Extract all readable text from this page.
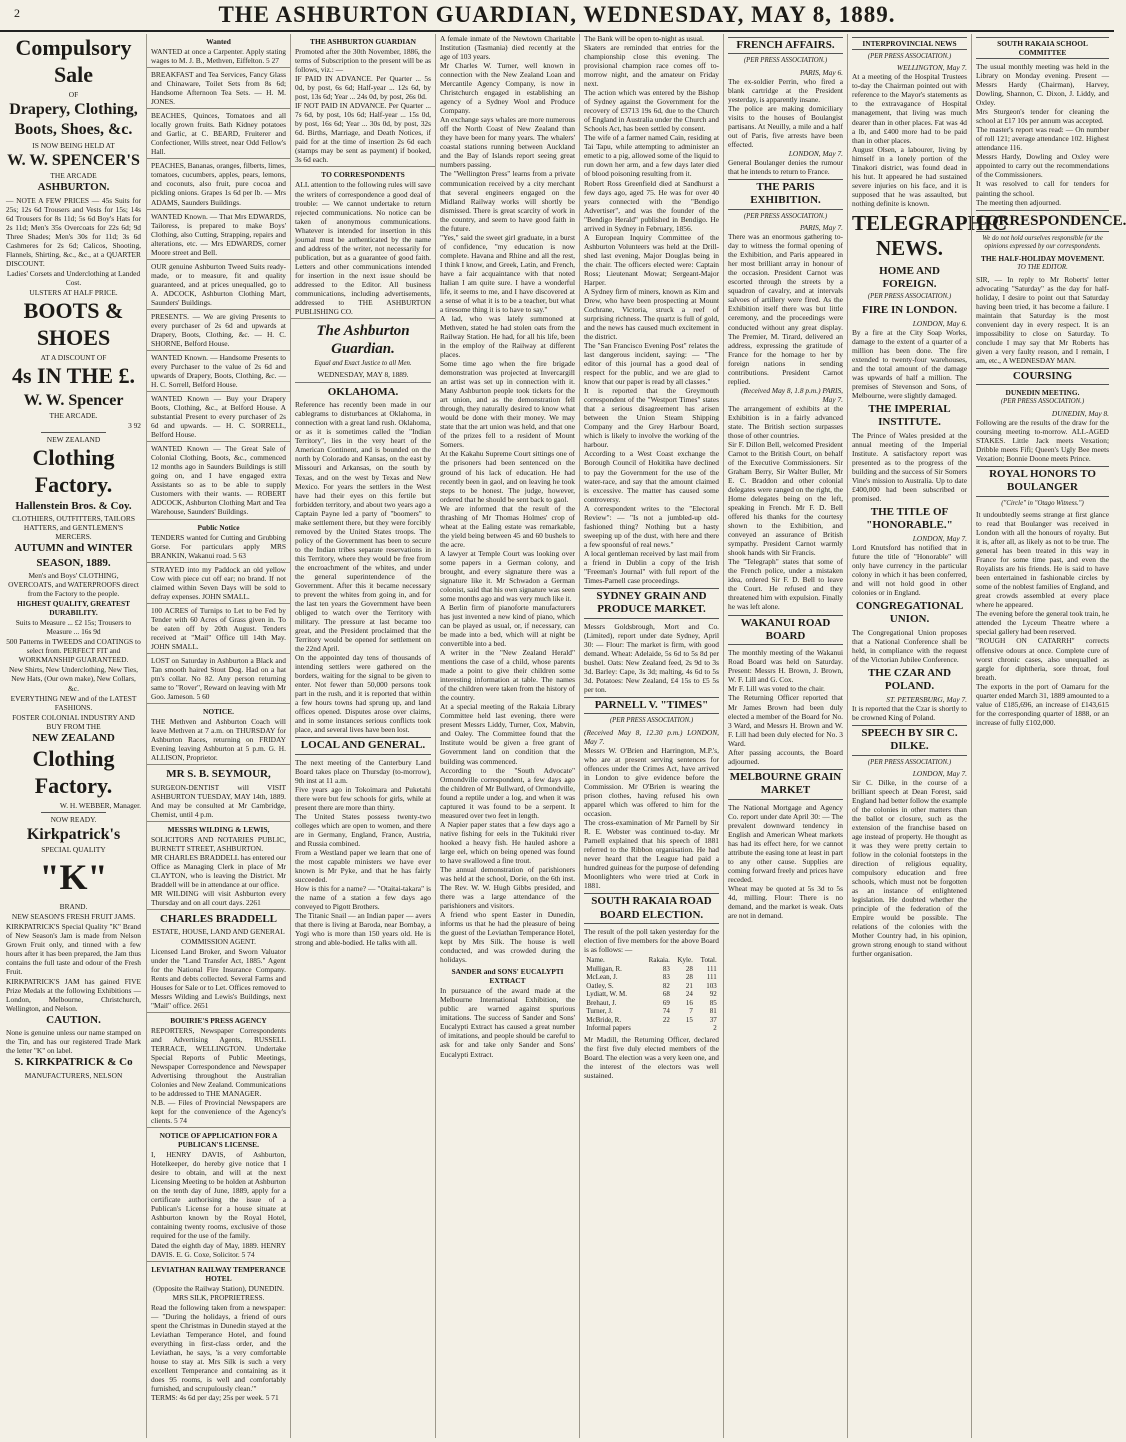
2	THE ASHBURTON GUARDIAN, WEDNESDAY, MAY 8, 1889.
Compulsory Sale
OF
Drapery, Clothing,
Boots, Shoes, &c.
IS NOW BEING HELD AT
W. W. SPENCER'S
THE ARCADE
ASHBURTON.

— NOTE A FEW PRICES — 45s Suits for 25s; 12s 6d Trousers and Vests for 15s; 14s 6d Trousers for 8s 11d; 5s 6d Boy's Hats for 2s 11d; Men's 35s Overcoats for 22s 6d; 9d Three Shades; Men's 30s for 11d; 3s 6d Cashmeres for 2s 6d; Calicos, Shooting, Flannels, Shirting, &c., &c., at a QUARTER DISCOUNT.

Ladies' Corsets and Underclothing at Landed Cost.
ULSTERS AT HALF PRICE.
BOOTS & SHOES
AT A DISCOUNT OF
4s IN THE £.
W. W. Spencer
THE ARCADE.
3 92
NEW ZEALAND
Clothing Factory.
Hallenstein Bros. & Coy.
CLOTHIERS, OUTFITTERS, TAILORS HATTERS, and GENTLEMEN'S MERCERS.
AUTUMN and WINTER
SEASON, 1889.
Men's and Boys' CLOTHING, OVERCOATS, and WATERPROOFS direct from the Factory to the people.
HIGHEST QUALITY, GREATEST DURABILITY.
Suits to Measure ... £2 15s; Trousers to Measure ... 16s 9d
500 Patterns in TWEEDS and COATINGS to select from. PERFECT FIT and WORKMANSHIP GUARANTEED.
New Shirts, New Underclothing, New Ties, New Hats, (Our own make), New Collars, &c.
EVERYTHING NEW and of the LATEST FASHIONS.
FOSTER COLONIAL INDUSTRY AND BUY FROM THE
NEW ZEALAND
Clothing Factory.
W. H. WEBBER, Manager.
NOW READY.
Kirkpatrick's
SPECIAL QUALITY
"K"
BRAND.
NEW SEASON'S FRESH FRUIT JAMS.

KIRKPATRICK'S Special Quality "K" Brand of New Season's Jam is made from Nelson Grown Fruit only, and tinned with a few hours after it has been prepared, the Jam thus contains the full taste and odour of the Fresh Fruit.

KIRKPATRICK'S JAM has gained FIVE Prize Medals at the following Exhibitions — London, Melbourne, Christchurch, Wellington, and Nelson.

CAUTION.

None is genuine unless our name stamped on the Tin, and has our registered Trade Mark the letter "K" on label.

S. KIRKPATRICK & Co
MANUFACTURERS, NELSON
Wanted

WANTED at once a Carpenter. Apply stating wages to M. J. B., Methven, Eiffelton. 5 27

BREAKFAST and Tea Services, Fancy Glass and Chinaware, Toilet Sets from 8s 6d; Handsome Afternoon Tea Sets. — H. M. JONES.

BEACHES, Quinces, Tomatoes and all locally grown fruits. Bath Kidney potatoes and Garlic, at C. BEARD, Fruiterer and Confectioner, Wills street, near Odd Fellow's Hall.

PEACHES, Bananas, oranges, filberts, limes, tomatoes, cucumbers, apples, pears, lemons, and coconuts, also fruit, pure cocoa and pickling onions. Grapes 1s 6d per lb. — Mrs ADAMS, Saunders Buildings.

WANTED Known. — That Mrs EDWARDS, Tailoress, is prepared to make Boys' Clothing, also Cutting, Strapping, repairs and alterations, etc. — Mrs EDWARDS, corner Moore street and Bell.

OUR genuine Ashburton Tweed Suits ready-made, or to measure, fit and quality guaranteed, and at prices unequalled, go to A. ADCOCK, Ashburton Clothing Mart, Saunders' Buildings.

PRESENTS. — We are giving Presents to every purchaser of 2s 6d and upwards at Drapery, Boots, Clothing, &c. — H. C. SHORNE, Belford House.

WANTED Known. — Handsome Presents to every Purchaser to the value of 2s 6d and upwards of Drapery, Boots, Clothing, &c. — H. C. Sorrell, Belford House.

WANTED Known — Buy your Drapery Boots, Clothing, &c., at Belford House. A substantial Present to every purchaser of 2s 6d and upwards. — H. C. SORRELL, Belford House.

WANTED Known — The Great Sale of Colonial Clothing, Boots, &c., commenced 12 months ago in Saunders Buildings is still going on, and I have engaged extra Assistants so as to be able to supply Customers with their wants. — ROBERT ADCOCK, Ashburton Clothing Mart and Tea Warehouse, Saunders' Buildings.

Public Notice

TENDERS wanted for Cutting and Grubbing Gorse. For particulars apply MRS BRANKIN, Wakanui road. 5 63

STRAYED into my Paddock an old yellow Cow with piece cut off ear; no brand. If not claimed within Seven Days will be sold to defray expenses. JOHN SMALL.

100 ACRES of Turnips to Let to be Fed by Tender with 60 Acres of Grass given in. To be eaten off by 20th August. Tenders received at "Mail" Office till 14th May. JOHN SMALL.

LOST on Saturday in Ashburton a Black and Tan smooth haired Stout Dog. Had on a hat ptn's collar. No 82. Any person returning same to "Rover", Reward on leaving with Mr Goo. Jameson. 5 60

NOTICE.

THE Methven and Ashburton Coach will leave Methven at 7 a.m. on THURSDAY for Ashburton Races, returning on FRIDAY Evening leaving Ashburton at 5 p.m. G. H. ALLISON, Proprietor.

MR S. B. SEYMOUR,

SURGEON-DENTIST will VISIT ASHBURTON TUESDAY, MAY 14th, 1889. And may be consulted at Mr Cambridge, Chemist, until 4 p.m.

MESSRS WILDING & LEWIS,

SOLICITORS AND NOTARIES PUBLIC, BURNETT STREET, ASHBURTON.

MR CHARLES BRADDELL has entered our Office as Managing Clerk in place of Mr CLAYTON, who is leaving the District. Mr Braddell will be in attendance at our office.

MR WILDING will visit Ashburton every Thursday and on all court days. 2261

CHARLES BRADDELL
ESTATE, HOUSE, LAND AND GENERAL COMMISSION AGENT.

Licensed Land Broker, and Sworn Valuator under the "Land Transfer Act, 1885." Agent for the National Fire Insurance Company. Rents and debts collected. Several Farms and Houses for Sale or to Let. Offices removed to Messrs Wilding and Lewis's Buildings, next "Mail" office. 2651

BOUIRIE'S PRESS AGENCY

REPORTERS, Newspaper Correspondents and Advertising Agents, RUSSELL TERRACE, WELLINGTON. Undertake Special Reports of Public Meetings, Newspaper Correspondence and Newspaper Advertising throughout the Australian Colonies and New Zealand. Communications to be addressed to THE MANAGER.

N.B. — Files of Provincial Newspapers are kept for the convenience of the Agency's clients. 5 74

NOTICE OF APPLICATION FOR A PUBLICAN'S LICENSE.

I, HENRY DAVIS, of Ashburton, Hotelkeeper, do hereby give notice that I desire to obtain, and will at the next Licensing Meeting to be holden at Ashburton on the tenth day of June, 1889, apply for a certificate authorising the issue of a Publican's License for a house situate at Ashburton known by the Royal Hotel, containing twenty rooms, exclusive of those required for the use of the family.

Dated the eighth day of May, 1889. HENRY DAVIS. E. G. Coxe, Solicitor. 5 74

LEVIATHAN RAILWAY TEMPERANCE HOTEL
(Opposite the Railway Station), DUNEDIN. MRS SILK, PROPRIETRESS.

Read the following taken from a newspaper: — "During the holidays, a friend of ours spent the Christmas in Dunedin stayed at the Leviathan Temperance Hotel, and found everything in first-class order, and the Leviathan, he says, 'is a very comfortable house to stay at. Mrs Silk is such a very excellent Temperance and containing as it does 95 rooms, is well and comfortably furnished, and scrupulously clean.'"

TERMS: 4s 6d per day; 25s per week. 5 71

THE ASHBURTON GUARDIAN

Promoted after the 30th November, 1886, the terms of Subscription to the present will be as follows, viz.: —

IF PAID IN ADVANCE. Per Quarter ... 5s 0d, by post, 6s 6d; Half-year ... 12s 6d, by post, 13s 6d; Year ... 24s 0d, by post, 26s 0d.

IF NOT PAID IN ADVANCE. Per Quarter ... 7s 6d, by post, 10s 6d; Half-year ... 15s 0d, by post, 16s 6d; Year ... 30s 0d, by post, 32s 6d. Births, Marriage, and Death Notices, if paid for at the time of insertion 2s 6d each (stamps may be sent as payment) if booked, 3s 6d each.

TO CORRESPONDENTS

ALL attention to the following rules will save the writers of correspondence a good deal of trouble: — We cannot undertake to return rejected communications. No notice can be taken of anonymous communications. Whatever is intended for insertion in this journal must be authenticated by the name and address of the writer, not necessarily for publication, but as a guarantee of good faith. Letters and other communications intended for insertion in the next issue should be addressed to the Editor. All business communications, including advertisements, addressed to THE ASHBURTON PUBLISHING CO.

The Ashburton Guardian.
Equal and Exact Justice to all Men.
WEDNESDAY, MAY 8, 1889.
OKLAHOMA.

Reference has recently been made in our cablegrams to disturbances at Oklahoma, in connection with a great land rush. Oklahoma, or as it is sometimes called the "Indian Territory", lies in the very heart of the American Continent, and is bounded on the north by Colorado and Kansas, on the east by Missouri and Arkansas, on the south by Texas, and on the west by Texas and New Mexico. For years the settlers in the West have had their eyes on this fertile but forbidden territory, and about two years ago a Captain Payne led a party of "boomers" to make settlement there, but they were forcibly removed by the United States troops. The policy of the Government has been to secure to the Indian tribes separate reservations in this Territory, where they would be free from the encroachment of the whites, and under the general superintendence of the Government. After this it became necessary to prevent the whites from going in, and for the last ten years the Government have been obliged to watch over the Territory with military. The pressure at last became too great, and the President proclaimed that the Territory would be opened for settlement on the 22nd April.

On the appointed day tens of thousands of intending settlers were gathered on the borders, waiting for the signal to be given to enter. Not fewer than 50,000 persons took part in the rush, and it is reported that within a few hours towns had sprung up, and land offices opened. Disputes arose over claims, and in some instances serious conflicts took place, and several lives have been lost.

LOCAL AND GENERAL.

The next meeting of the Canterbury Land Board takes place on Thursday (to-morrow), 9th inst at 11 a.m.

Five years ago in Tokoimara and Puketahi there were but few schools for girls, while at present there are more than thirty.

The United States possess twenty-two colleges which are open to women, and there are in Germany, England, France, Austria, and Russia combined.

From a Westland paper we learn that one of the most capable ministers we have ever known is Mr Pyke, and that he has fairly succeeded.

How is this for a name? — "Otaitai-takara" is the name of a station a few days ago conveyed to Pigott Brothers.

The Titanic Snail — an Indian paper — avers that there is living at Baroda, near Bombay, a Yogi who is more than 150 years old. He is strong and able-bodied. He talks with all.

A female inmate of the Newtown Charitable Institution (Tasmania) died recently at the age of 103 years.

Mr Charles W. Turner, well known in connection with the New Zealand Loan and Mercantile Agency Company, is now in Christchurch engaged in establishing an agency of a Sydney Wool and Produce Company.

An exchange says whales are more numerous off the North Coast of New Zealand than they have been for many years. The whalers' coastal stations running between Auckland and the Bay of Islands report seeing great numbers passing.

The "Wellington Press" learns from a private communication received by a city merchant that several engineers engaged on the Midland Railway works will shortly be dismissed. There is great scarcity of work in the country, and seem to have good faith in the future.

"Yes," said the sweet girl graduate, in a burst of confidence, "my education is now complete. Havana and Rhine and all the rest, I think I know, and Greek, Latin, and French, have a fair acquaintance with that noted Italian I am quite sure. I have a wonderful life, it seems to me, and I have discovered at a sense of what it is to be a teacher, but what a tiresome thing it is to have to say."

A lad, who was lately summoned at Methven, stated he had stolen oats from the Railway Station. He had, for all his life, been in the employ of the Railway at different places.

Some time ago when the fire brigade demonstration was projected at Invercargill an artist was set up in connection with it. Many Ashburton people took tickets for the art union, and as the demonstration fell through, they naturally desired to know what would be done with their money. We may state that the art union was held, and that one of the prizes fell to a resident of Mount Somers.

At the Kakahu Supreme Court sittings one of the prisoners had been sentenced on the ground of his lack of education. He had recently been in gaol, and on leaving he took steps to be honest. The judge, however, ordered that he should be sent back to gaol.

We are informed that the result of the thrashing of Mr Thomas Holmes' crop of wheat at the Ealing estate was remarkable, the yield being between 45 and 60 bushels to the acre.

A lawyer at Temple Court was looking over some papers in a German colony, and brought, and every signature there was a signature like it. Mr Schwadon a German colonist, said that his own signature was seen some months ago and was very much like it.

A Berlin firm of pianoforte manufacturers has just invented a new kind of piano, which can be played as usual, or, if necessary, can be made into a bed, which will at night be convertible into a bed.

A writer in the "New Zealand Herald" mentions the case of a child, whose parents made a point to give their children some interesting information at table. The names of the children were taken from the history of the country.

At a special meeting of the Rakaia Library Committee held last evening, there were present Messrs Liddy, Turner, Cox, Mabvin, and Oaley. The Committee found that the Institute would be given a free grant of Government land on condition that the building was commenced.

According to the "South Advocate" Ormondville correspondent, a few days ago the children of Mr Bullward, of Ormondville, found a reptile under a log, and when it was captured it was found to be a serpent. It measured over two feet in length.

A Napier paper states that a few days ago a native fishing for eels in the Tukituki river hooked a heavy fish. He hauled ashore a large eel, which on being opened was found to have swallowed a fine trout.

The annual demonstration of parishioners was held at the school, Dorie, on the 6th inst. The Rev. W. W. Hugh Gibbs presided, and there was a large attendance of the parishioners and visitors.

A friend who spent Easter in Dunedin, informs us that he had the pleasure of being the guest of the Leviathan Temperance Hotel, kept by Mrs Silk. The house is well conducted, and was crowded during the holidays.

SANDER and SONS' EUCALYPTI EXTRACT

In pursuance of the award made at the Melbourne International Exhibition, the public are warned against spurious imitations. The success of Sander and Sons' Eucalypti Extract has caused a great number of imitations, and people should be careful to ask for and take only Sander and Sons' Eucalypti Extract.

The Bank will be open to-night as usual.

Skaters are reminded that entries for the championship close this evening. The provisional champion race comes off to-morrow night, and the amateur on Friday next.

The action which was entered by the Bishop of Sydney against the Government for the recovery of £3713 19s 6d, due to the Church of England in Australia under the Church and Schools Act, has been settled by consent.

The wife of a farmer named Cain, residing at Tai Tapu, while attempting to administer an emetic to a pig, allowed some of the liquid to run down her arm, and a few days later died of blood poisoning resulting from it.

Robert Ross Greenfield died at Sandhurst a few days ago, aged 75. He was for over 40 years connected with the "Bendigo Advertiser", and was the founder of the "Bendigo Herald" published in Bendigo. He arrived in Sydney in February, 1856.

A European Inquiry Committee of the Ashburton Volunteers was held at the Drill-shed last evening, Major Douglas being in the chair. The officers elected were: Captain Ross; Lieutenant Mowat; Sergeant-Major Harper.

A Sydney firm of miners, known as Kim and Drew, who have been prospecting at Mount Cochrane, Victoria, struck a reef of surprising richness. The quartz is full of gold, and the news has caused much excitement in the district.

The "San Francisco Evening Post" relates the last dangerous incident, saying: — "The editor of this journal has a good deal of respect for the public, and we are glad to know that our paper is read by all classes."

It is reported that the Greymouth correspondent of the "Westport Times" states that a serious disagreement has arisen between the Union Steam Shipping Company and the Grey Harbour Board, which is likely to involve the working of the harbour.

According to a West Coast exchange the Borough Council of Hokitika have declined to pay the Government for the use of the water-race, and say that the amount claimed is excessive. The matter has caused some controversy.

A correspondent writes to the "Electoral Review": — "Is not a jumbled-up old-fashioned thing? Nothing but a hasty sweeping up of the dust, with here and there a few spoonsful of real news."

A local gentleman received by last mail from a friend in Dublin a copy of the Irish "Freeman's Journal" with full report of the Times-Parnell case proceedings.

SYDNEY GRAIN AND PRODUCE MARKET.

Messrs Goldsbrough, Mort and Co. (Limited), report under date Sydney, April 30: — Flour: The market is firm, with good demand. Wheat: Adelaide, 5s 6d to 5s 8d per bushel. Oats: New Zealand feed, 2s 9d to 3s 3d. Barley: Cape, 3s 3d; malting, 4s 6d to 5s 3d. Potatoes: New Zealand, £4 15s to £5 5s per ton.

PARNELL V. "TIMES"
(PER PRESS ASSOCIATION.)

(Received May 8, 12.30 p.m.) LONDON, May 7.

Messrs W. O'Brien and Harrington, M.P.'s, who are at present serving sentences for offences under the Crimes Act, have arrived in London to give evidence before the Commission. Mr O'Brien is wearing the prison clothes, having refused his own apparel which was offered to him for the occasion.

The cross-examination of Mr Parnell by Sir R. E. Webster was continued to-day. Mr Parnell explained that his speech of 1881 referred to the Ribbon organisation. He had never heard that the League had paid a hundred guineas for the purpose of defending Moonlighters who were tried at Cork in 1881.

SOUTH RAKAIA ROAD BOARD ELECTION.

The result of the poll taken yesterday for the election of five members for the above Board is as follows: —

Name.	Rakaia.	Kyle.	Total.
Mulligan, R.	83	28	111
McLean, J.	83	28	111
Oatley, S.	82	21	103
Lydiatt, W. M.	68	24	92
Brehaut, J.	69	16	85
Turner, J.	74	7	81
McBride, R.	22	15	37
Informal papers			2

Mr Madill, the Returning Officer, declared the first five duly elected members of the Board. The election was a very keen one, and the interest of the electors was well sustained.

FRENCH AFFAIRS.
(PER PRESS ASSOCIATION.)

PARIS, May 6.

The ex-soldier Perrin, who fired a blank cartridge at the President yesterday, is apparently insane.

The police are making domiciliary visits to the houses of Boulangist partisans. At Neuilly, a mile and a half out of Paris, five arrests have been effected.

LONDON, May 7.

General Boulanger denies the rumour that he intends to return to France.

THE PARIS EXHIBITION.
(PER PRESS ASSOCIATION.)

PARIS, May 7.

There was an enormous gathering to-day to witness the formal opening of the Exhibition, and Paris appeared in her most brilliant array in honour of the occasion. President Carnot was escorted through the streets by a squadron of cavalry, and at intervals salvoes of artillery were fired. As the Exhibition itself there was but little ceremony, and the proceedings were conducted without any great display. The Premier, M. Tirard, delivered an address, expressing the gratitude of France for the homage to her by foreign nations in sending contributions. President Carnot replied.

(Received May 8, 1.8 p.m.) PARIS, May 7.

The arrangement of exhibits at the Exhibition is in a fairly advanced state. The British section surpasses those of other countries.

Sir F. Dillon Bell, welcomed President Carnot to the British Court, on behalf of the Executive Commissioners. Sir Graham Berry, Sir Walter Buller, Mr E. C. Braddon and other colonial delegates were ranged on the right, the Home delegates being on the left, speaking in French. Mr F. D. Bell offered his thanks for the courtesy shown to the Exhibition, and conveyed an assurance of British sympathy. President Carnot warmly shook hands with Sir Francis.

The "Telegraph" states that some of the French police, under a mistaken idea, ordered Sir F. D. Bell to leave the Court. He refused and they threatened him with expulsion. Finally he was left alone.

WAKANUI ROAD BOARD

The monthly meeting of the Wakanui Road Board was held on Saturday. Present: Messrs H. Brown, J. Brown, W. F. Lill and G. Cox.

Mr F. Lill was voted to the chair.

The Returning Officer reported that Mr James Brown had been duly elected a member of the Board for No. 3 Ward, and Messrs H. Brown and W. F. Lill had been duly elected for No. 3 Ward.

After passing accounts, the Board adjourned.

MELBOURNE GRAIN MARKET

The National Mortgage and Agency Co. report under date April 30: — The prevalent downward tendency in English and American Wheat markets has had its effect here, for we cannot attribute the easing tone at least in part to any other cause. Supplies are coming forward freely and prices have receded.

Wheat may be quoted at 5s 3d to 5s 4d, milling. Flour: There is no demand, and the market is weak. Oats are not in demand.

INTERPROVINCIAL NEWS
(PER PRESS ASSOCIATION.)

WELLINGTON, May 7.

At a meeting of the Hospital Trustees to-day the Chairman pointed out with reference to the Mayor's statements as to the extravagance of Hospital management, that living was much dearer than in other places. Fat was 4d a lb, and £400 more had to be paid than in other places.

August Olsen, a labourer, living by himself in a lonely portion of the Tinakori district, was found dead in his hut. It appeared he had sustained severe injuries on his face, and it is supposed that he was assaulted, but nothing definite is known.

TELEGRAPHIC NEWS.
HOME AND FOREIGN.
(PER PRESS ASSOCIATION.)
FIRE IN LONDON.

LONDON, May 6.

By a fire at the City Soap Works, damage to the extent of a quarter of a million has been done. The fire extended to twenty-four warehouses, and the total amount of the damage was upwards of half a million. The premises of Stevenson and Sons, of Melbourne, were slightly damaged.

THE IMPERIAL INSTITUTE.

The Prince of Wales presided at the annual meeting of the Imperial Institute. A satisfactory report was presented as to the progress of the building and the success of Sir Somers Vine's mission to Australia. Up to date £400,000 had been subscribed or promised.

THE TITLE OF "HONORABLE."

LONDON, May 7.

Lord Knutsford has notified that in future the title of "Honorable" will only have currency in the particular colony in which it has been conferred, and will not hold good in other colonies or in England.

CONGREGATIONAL UNION.

The Congregational Union proposes that a National Conference shall be held, in compliance with the request of the Victorian Jubilee Conference.

THE CZAR AND POLAND.

ST. PETERSBURG, May 7.

It is reported that the Czar is shortly to be crowned King of Poland.

SPEECH BY SIR C. DILKE.
(PER PRESS ASSOCIATION.)

LONDON, May 7.

Sir C. Dilke, in the course of a brilliant speech at Dean Forest, said England had better follow the example of the colonies in other matters than the ballot or closure, such as the extension of the franchise based on age instead of property. He thought as it was they were pretty certain to follow in the colonial footsteps in the direction of religious equality, compulsory education and free schools, which must not be forgotten as an instance of enlightened legislation. He doubted whether the principle of the federation of the Empire would be possible. The relations of the colonies with the Mother Country had, in his opinion, grown strong enough to stand without further organisation.

SOUTH RAKAIA SCHOOL COMMITTEE

The usual monthly meeting was held in the Library on Monday evening. Present — Messrs Hardy (Chairman), Harvey, Dowling, Shannon, C. Dixon, J. Liddy, and Oxley.

Mrs Sturgeon's tender for cleaning the school at £17 10s per annum was accepted.

The master's report was read: — On number of roll 121; average attendance 102. Highest attendance 116.

Messrs Hardy, Dowling and Oxley were appointed to carry out the recommendations of the Commissioners.

It was resolved to call for tenders for painting the school.

The meeting then adjourned.

CORRESPONDENCE.
We do not hold ourselves responsible for the opinions expressed by our correspondents.
THE HALF-HOLIDAY MOVEMENT.
TO THE EDITOR.

SIR, — In reply to Mr Roberts' letter advocating "Saturday" as the day for half-holiday, I desire to point out that Saturday having been tried, it has become a failure. I maintain that Saturday is the most convenient day in every respect. It is an impossibility to close on Saturday. To conclude I may say that Mr Roberts has given a very faulty reason, and I remain, I am, etc., A WEDNESDAY MAN.

COURSING
DUNEDIN MEETING.
(PER PRESS ASSOCIATION.)

DUNEDIN, May 8.

Following are the results of the draw for the coursing meeting to-morrow. ALL-AGED STAKES. Little Jack meets Vexation; Dribble meets Fifi; Queen's Ugly Bee meets Vexation; Bonnie Doone meets Prince.

ROYAL HONORS TO BOULANGER
("Circle" in "Otago Witness.")

It undoubtedly seems strange at first glance to read that Boulanger was received in London with all the honours of royalty. But it is, after all, as likely as not to be true. The general has been treated in this way in France for some time past, and even the Royalists are his friends. He is said to have been entertained in fashionable circles by some of the noblest families of England, and great crowds assembled at every place where he appeared.

The evening before the general took train, he attended the Lyceum Theatre where a special gallery had been reserved.

"ROUGH ON CATARRH" corrects offensive odours at once. Complete cure of worst chronic cases, also unequalled as gargle for diphtheria, sore throat, foul breath.

The exports in the port of Oamaru for the quarter ended March 31, 1889 amounted to a value of £185,696, an increase of £143,615 for the corresponding quarter of 1888, or an increase of fully £102,000.
